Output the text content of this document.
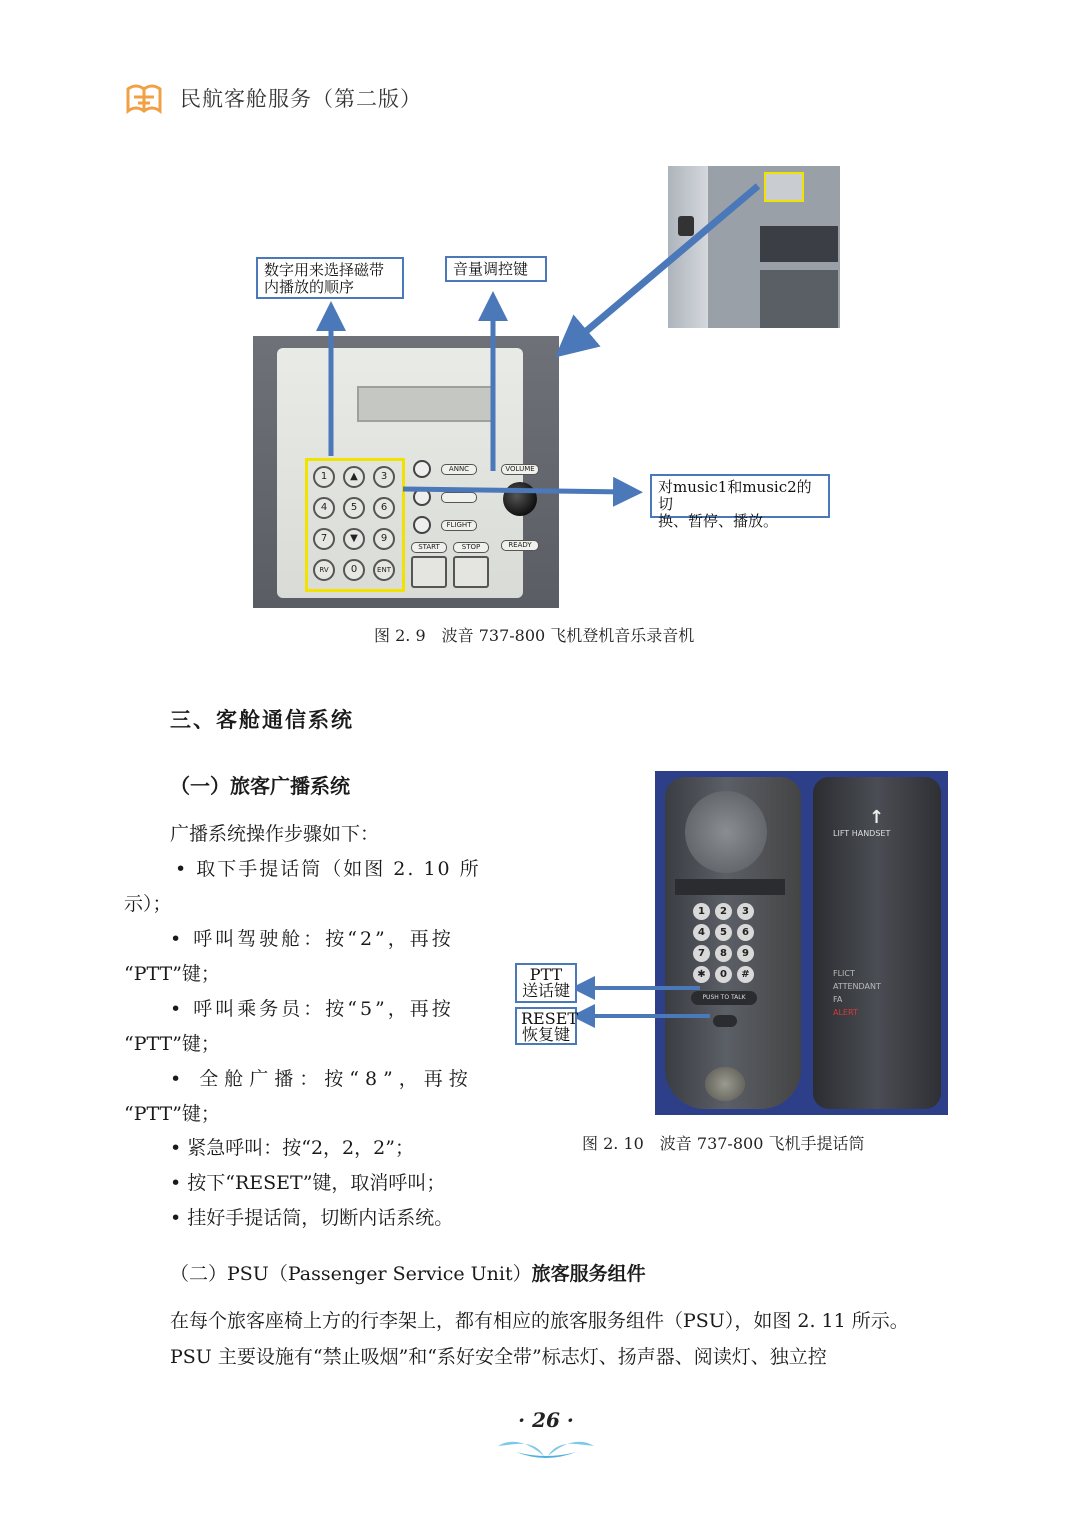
民航客舱服务（第二版）
1	▲	3
4	5	6
7	▼	9
RV	0	ENT
ANNC
FLIGHT
VOLUME
READY
START	STOP
数字用来选择磁带
内播放的顺序
音量调控键
对music1和music2的切
换、暂停、播放。
图 2. 9　波音 737-800 飞机登机音乐录音机
三、客舱通信系统
（一）旅客广播系统
广播系统操作步骤如下：
• 取下手提话筒（如图 2. 10 所
示）；
• 呼叫驾驶舱：按“2”，再按
“PTT”键；
• 呼叫乘务员：按“5”，再按
“PTT”键；
• 全舱广播：按“8”，再按
“PTT”键；
• 紧急呼叫：按“2，2，2”；
• 按下“RESET”键，取消呼叫；
• 挂好手提话筒，切断内话系统。
（二）PSU（Passenger Service Unit）旅客服务组件
在每个旅客座椅上方的行李架上，都有相应的旅客服务组件（PSU），如图 2. 11 所示。
PSU 主要设施有“禁止吸烟”和“系好安全带”标志灯、扬声器、阅读灯、独立控
1	2	3
4	5	6
7	8	9
✱	0	#
PUSH TO TALK
↑
LIFT HANDSET
FLICT
ATTENDANT
FA
ALERT
PTT
送话键
RESET
恢复键
图 2. 10　波音 737-800 飞机手提话筒
· 26 ·
